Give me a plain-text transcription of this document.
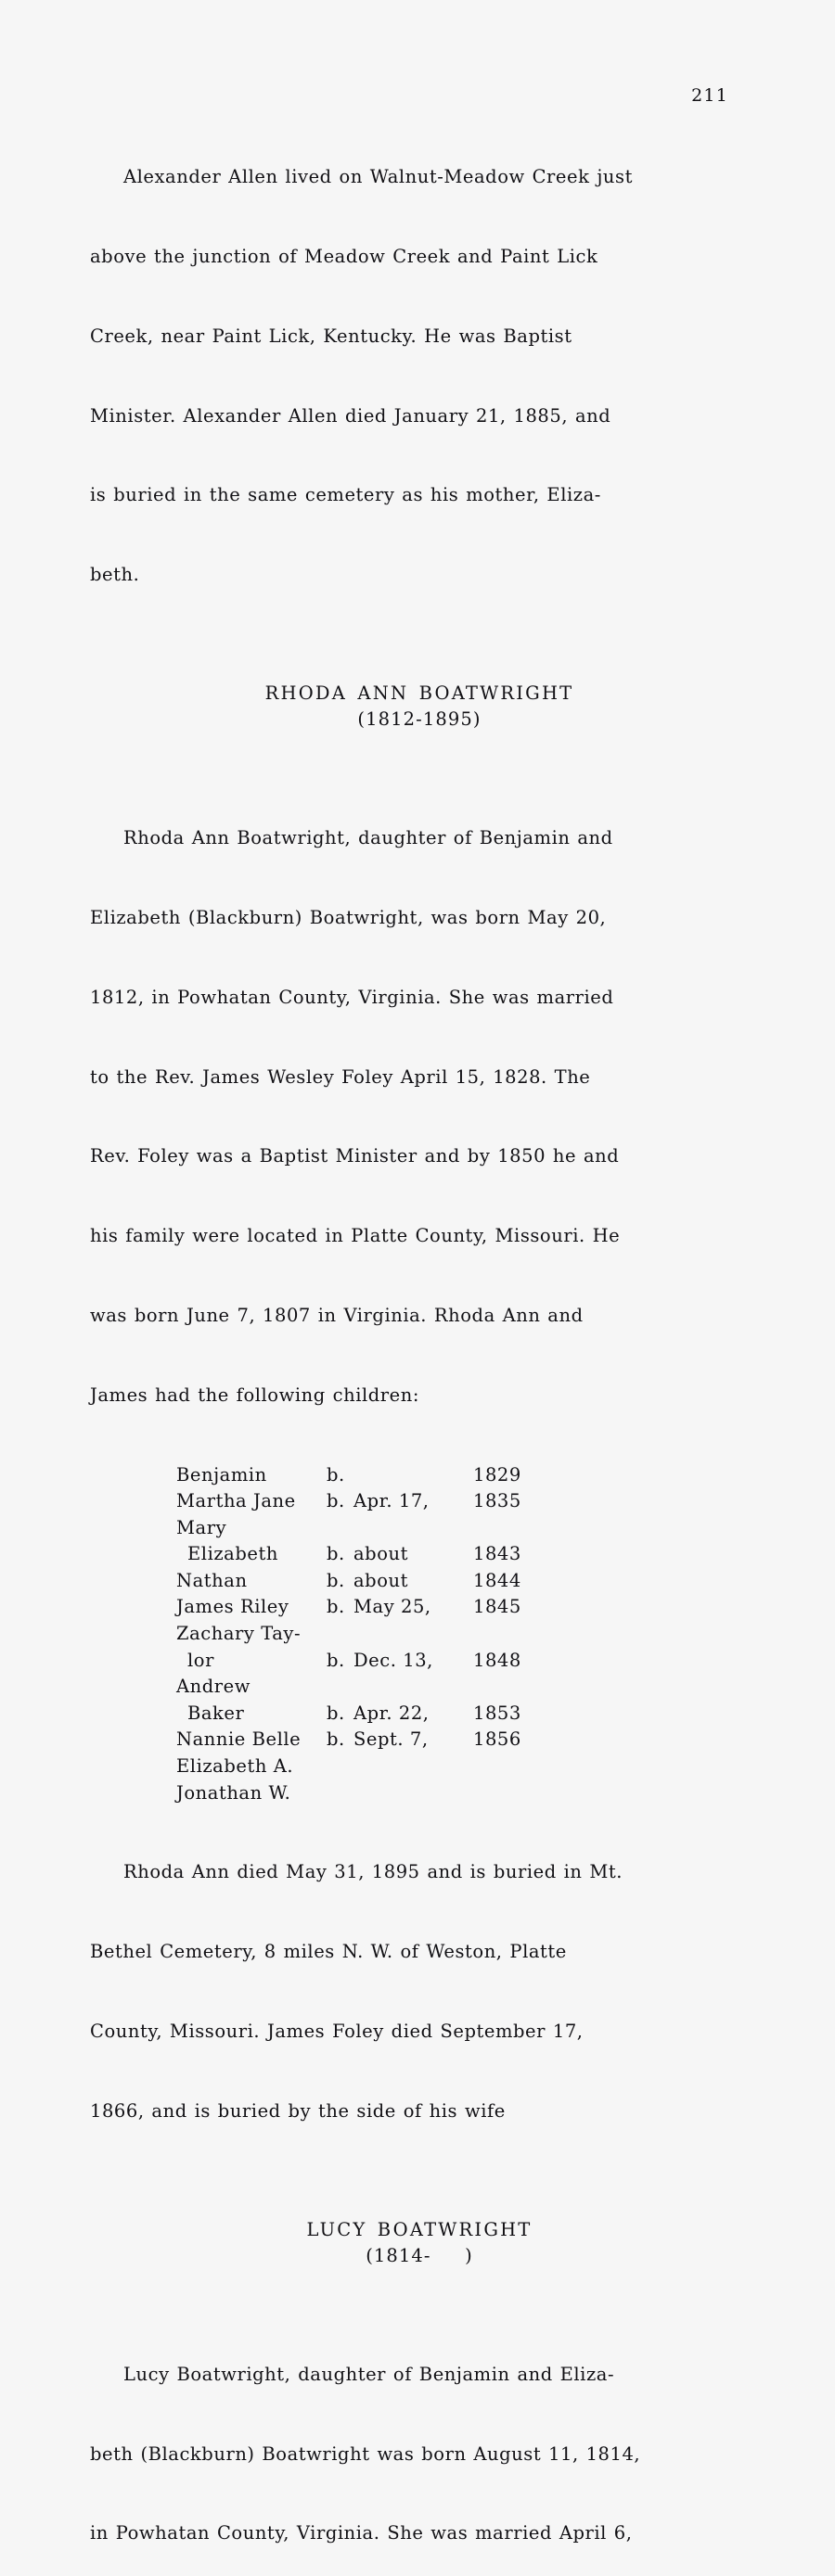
211

Alexander Allen lived on Walnut-Meadow Creek just

above the junction of Meadow Creek and Paint Lick

Creek, near Paint Lick, Kentucky. He was Baptist

Minister. Alexander Allen died January 21, 1885, and

is buried in the same cemetery as his mother, Eliza-

beth.

RHODA ANN BOATWRIGHT
(1812-1895)

Rhoda Ann Boatwright, daughter of Benjamin and

Elizabeth (Blackburn) Boatwright, was born May 20,

1812, in Powhatan County, Virginia. She was married

to the Rev. James Wesley Foley April 15, 1828. The

Rev. Foley was a Baptist Minister and by 1850 he and

his family were located in Platte County, Missouri. He

was born June 7, 1807 in Virginia. Rhoda Ann and

James had the following children:

Benjamin	b.	1829
Martha Jane b. Apr. 17, 1835
Mary
Elizabeth	b. about	1843
Nathan	b. about	1844
James Riley b. May 25, 1845
Zachary Tay-
lor	b. Dec. 13, 1848
Andrew
Baker	b. Apr. 22, 1853
Nannie Belle b. Sept. 7, 1856
Elizabeth A.
Jonathan W.

Rhoda Ann died May 31, 1895 and is buried in Mt.

Bethel Cemetery, 8 miles N. W. of Weston, Platte

County, Missouri. James Foley died September 17,

1866, and is buried by the side of his wife

LUCY BOATWRIGHT
(1814-     )

Lucy Boatwright, daughter of Benjamin and Eliza-

beth (Blackburn) Boatwright was born August 11, 1814,

in Powhatan County, Virginia. She was married April 6,
